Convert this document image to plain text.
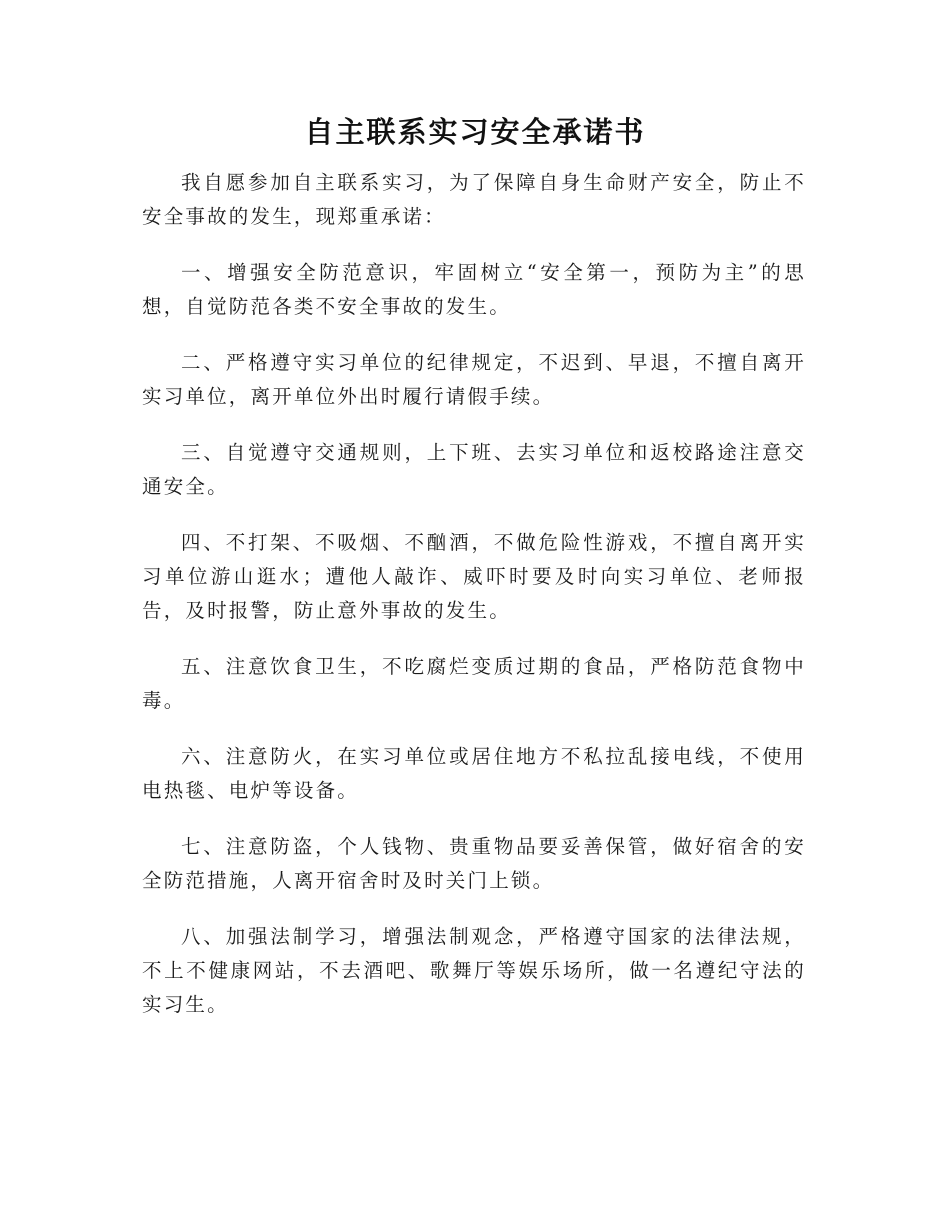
自主联系实习安全承诺书

我自愿参加自主联系实习，为了保障自身生命财产安全，防止不安全事故的发生，现郑重承诺：

一、增强安全防范意识，牢固树立“安全第一，预防为主”的思想，自觉防范各类不安全事故的发生。

二、严格遵守实习单位的纪律规定，不迟到、早退，不擅自离开实习单位，离开单位外出时履行请假手续。

三、自觉遵守交通规则，上下班、去实习单位和返校路途注意交通安全。

四、不打架、不吸烟、不酗酒，不做危险性游戏，不擅自离开实习单位游山逛水；遭他人敲诈、威吓时要及时向实习单位、老师报告，及时报警，防止意外事故的发生。

五、注意饮食卫生，不吃腐烂变质过期的食品，严格防范食物中毒。

六、注意防火，在实习单位或居住地方不私拉乱接电线，不使用电热毯、电炉等设备。

七、注意防盗，个人钱物、贵重物品要妥善保管，做好宿舍的安全防范措施，人离开宿舍时及时关门上锁。

八、加强法制学习，增强法制观念，严格遵守国家的法律法规，不上不健康网站，不去酒吧、歌舞厅等娱乐场所，做一名遵纪守法的实习生。
